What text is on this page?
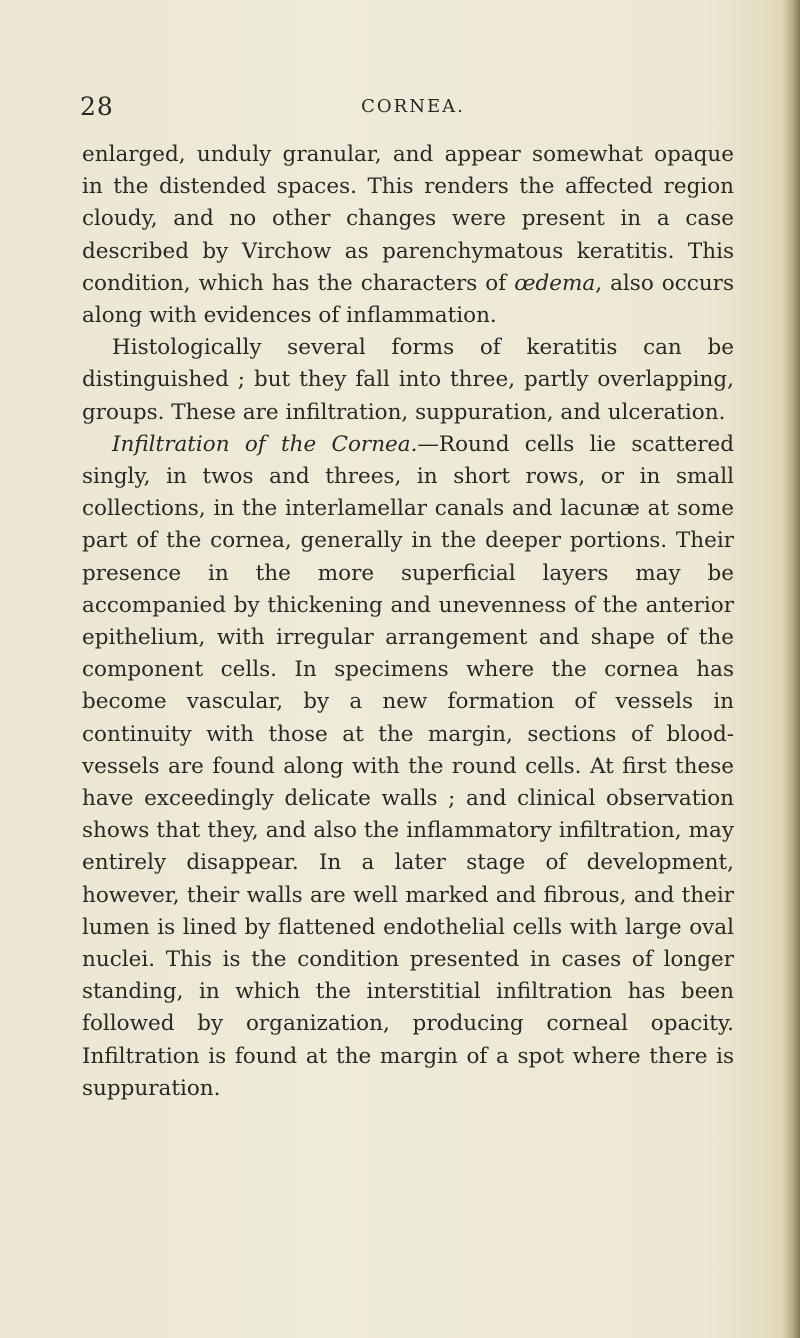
28	CORNEA.

enlarged, unduly granular, and appear somewhat opaque in the distended spaces. This renders the affected region cloudy, and no other changes were present in a case described by Virchow as parenchymatous keratitis. This condition, which has the characters of œdema, also occurs along with evidences of inflammation.

Histologically several forms of keratitis can be distinguished ; but they fall into three, partly overlapping, groups. These are infiltration, suppuration, and ulceration.

Infiltration of the Cornea.—Round cells lie scattered singly, in twos and threes, in short rows, or in small collections, in the interlamellar canals and lacunæ at some part of the cornea, generally in the deeper portions. Their presence in the more superficial layers may be accompanied by thickening and unevenness of the anterior epithelium, with irregular arrangement and shape of the component cells. In specimens where the cornea has become vascular, by a new formation of vessels in continuity with those at the margin, sections of blood-vessels are found along with the round cells. At first these have exceedingly delicate walls ; and clinical observation shows that they, and also the inflammatory infiltration, may entirely disappear. In a later stage of development, however, their walls are well marked and fibrous, and their lumen is lined by flattened endothelial cells with large oval nuclei. This is the condition presented in cases of longer standing, in which the interstitial infiltration has been followed by organization, producing corneal opacity. Infiltration is found at the margin of a spot where there is suppuration.
